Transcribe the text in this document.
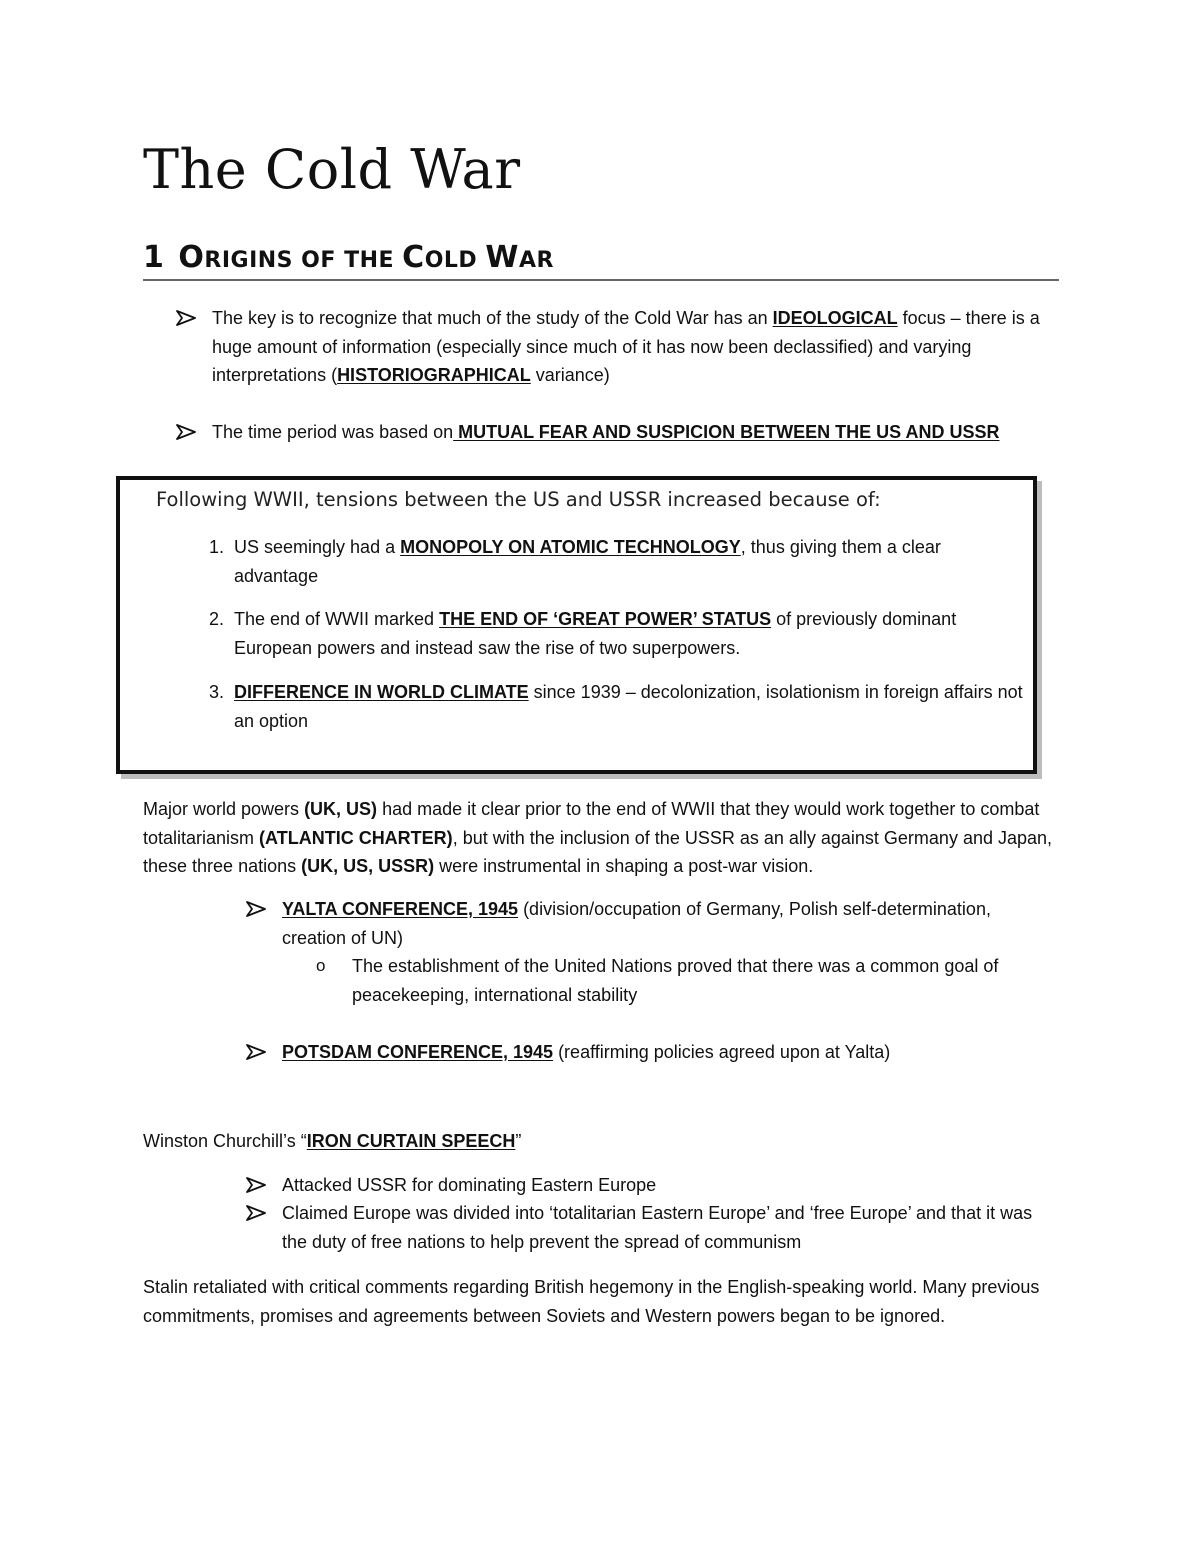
The Cold War
1 ORIGINS OF THE COLD WAR
The key is to recognize that much of the study of the Cold War has an IDEOLOGICAL focus – there is a huge amount of information (especially since much of it has now been declassified) and varying interpretations (HISTORIOGRAPHICAL variance)
The time period was based on MUTUAL FEAR AND SUSPICION BETWEEN THE US AND USSR
Following WWII, tensions between the US and USSR increased because of:
1. US seemingly had a MONOPOLY ON ATOMIC TECHNOLOGY, thus giving them a clear advantage
2. The end of WWII marked THE END OF ‘GREAT POWER’ STATUS of previously dominant European powers and instead saw the rise of two superpowers.
3. DIFFERENCE IN WORLD CLIMATE since 1939 – decolonization, isolationism in foreign affairs not an option

Major world powers (UK, US) had made it clear prior to the end of WWII that they would work together to combat totalitarianism (ATLANTIC CHARTER), but with the inclusion of the USSR as an ally against Germany and Japan, these three nations (UK, US, USSR) were instrumental in shaping a post-war vision.

YALTA CONFERENCE, 1945 (division/occupation of Germany, Polish self-determination, creation of UN)
o	The establishment of the United Nations proved that there was a common goal of peacekeeping, international stability
POTSDAM CONFERENCE, 1945 (reaffirming policies agreed upon at Yalta)

Winston Churchill’s “IRON CURTAIN SPEECH”

Attacked USSR for dominating Eastern Europe
Claimed Europe was divided into ‘totalitarian Eastern Europe’ and ‘free Europe’ and that it was the duty of free nations to help prevent the spread of communism

Stalin retaliated with critical comments regarding British hegemony in the English-speaking world. Many previous commitments, promises and agreements between Soviets and Western powers began to be ignored.
